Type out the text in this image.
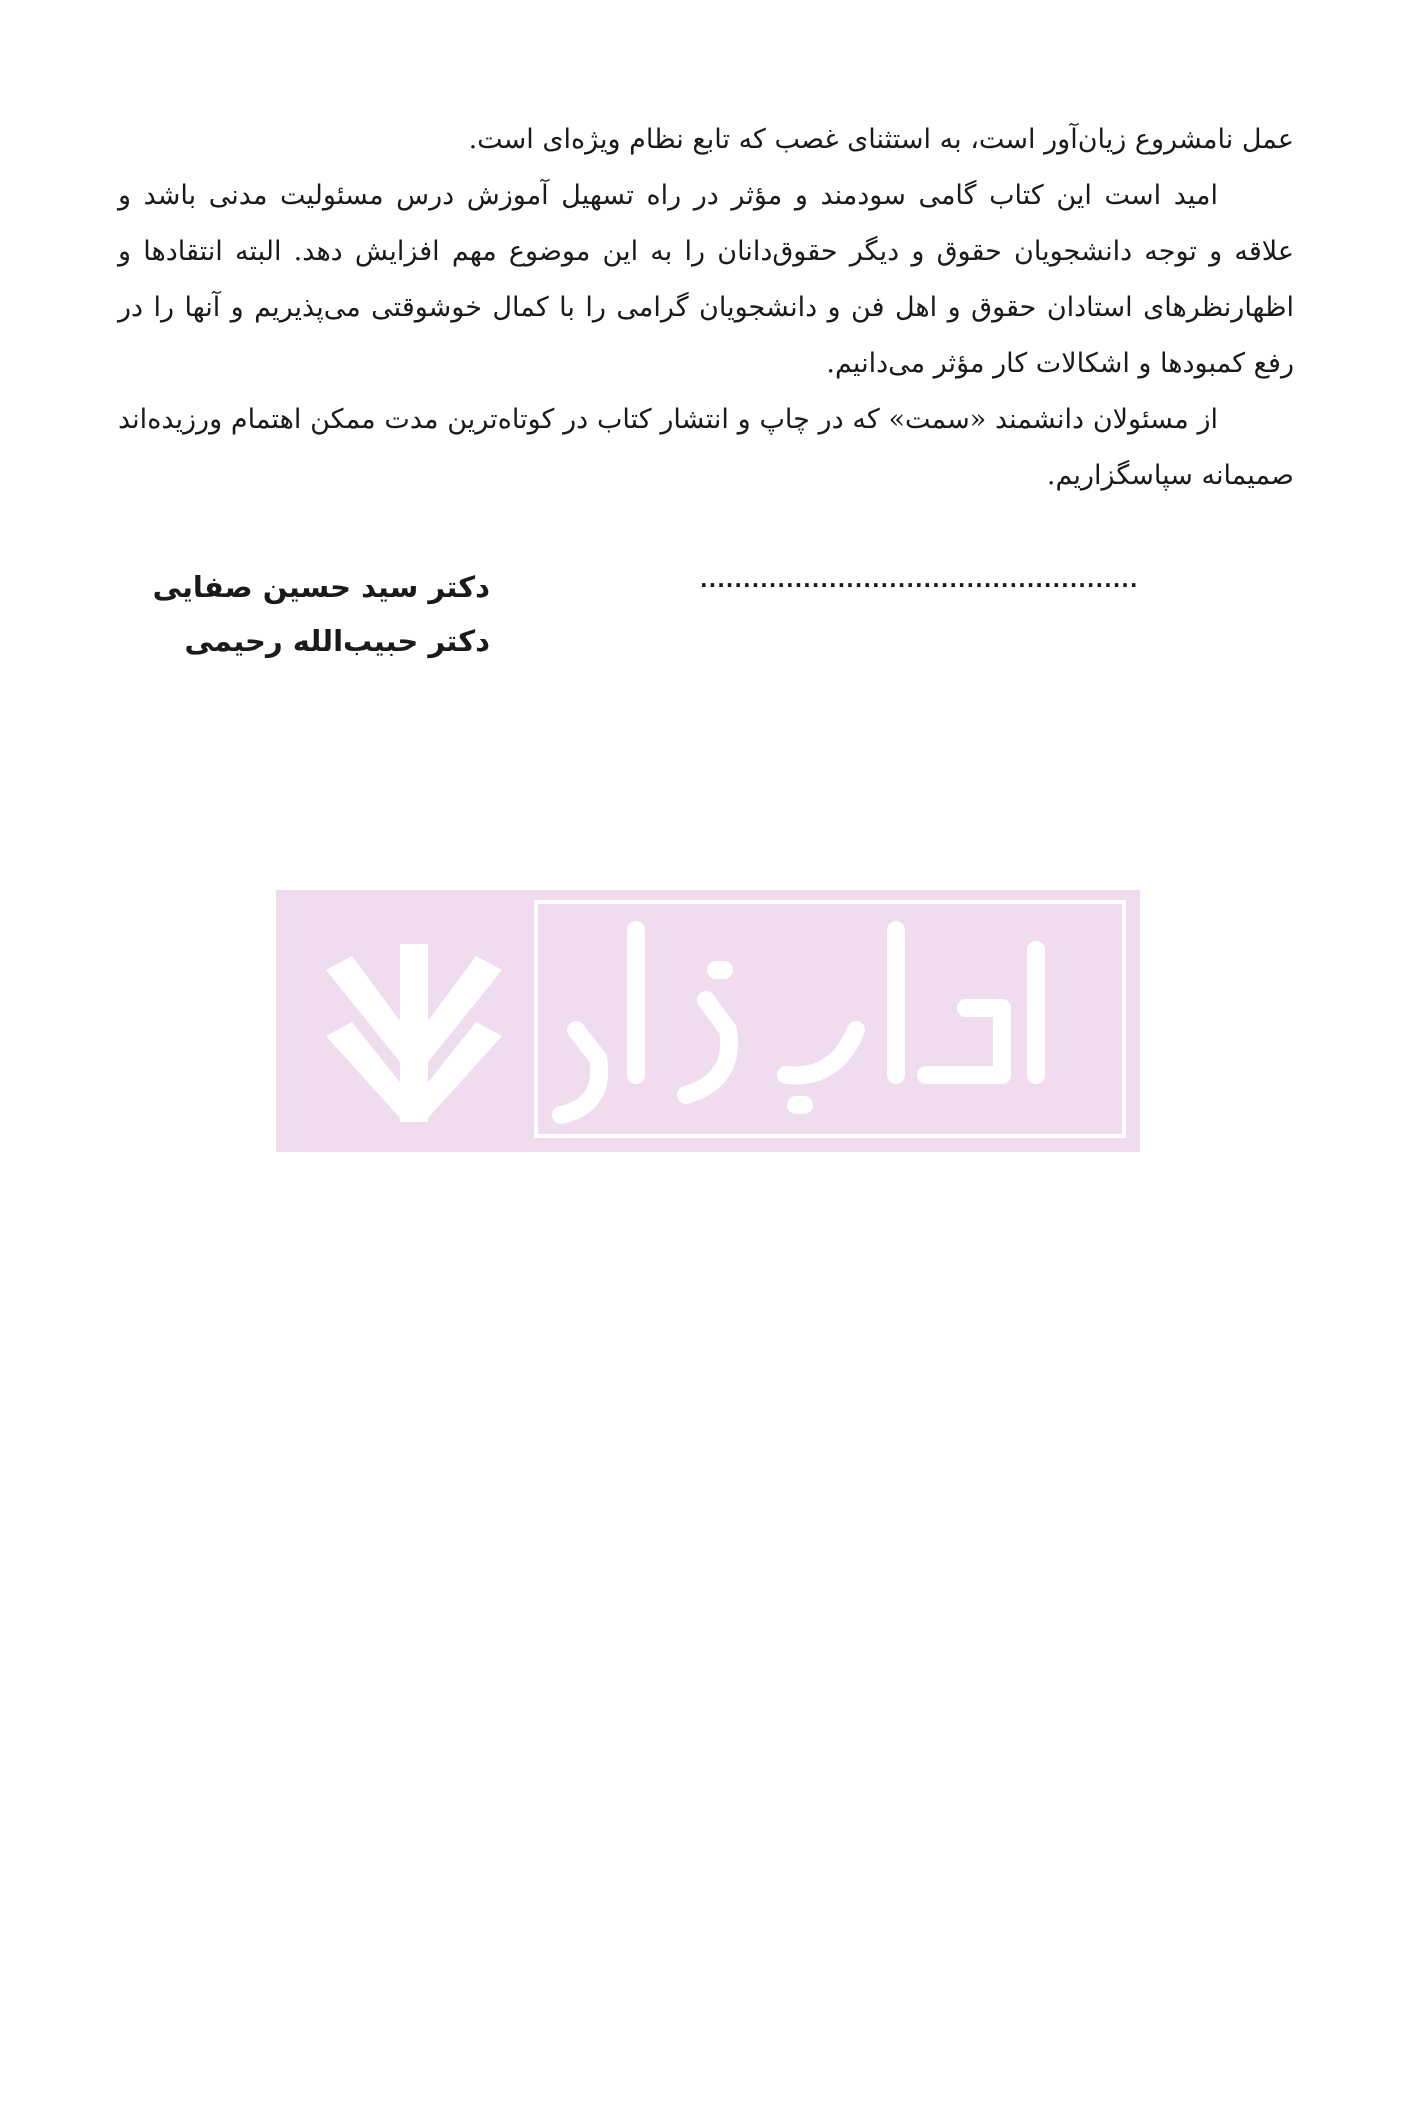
عمل نامشروع زیان‌آور است، به استثنای غصب که تابع نظام ویژه‌ای است.

امید است این کتاب گامی سودمند و مؤثر در راه تسهیل آموزش درس مسئولیت مدنی باشد و علاقه و توجه دانشجویان حقوق و دیگر حقوق‌دانان را به این موضوع مهم افزایش دهد. البته انتقادها و اظهارنظرهای استادان حقوق و اهل فن و دانشجویان گرامی را با کمال خوشوقتی می‌پذیریم و آنها را در رفع کمبودها و اشکالات کار مؤثر می‌دانیم.

از مسئولان دانشمند «سمت» که در چاپ و انتشار کتاب در کوتاه‌ترین مدت ممکن اهتمام ورزیده‌اند صمیمانه سپاسگزاریم.

...................................................
دکتر سید حسین صفایی
دکتر حبیب‌الله رحیمی
